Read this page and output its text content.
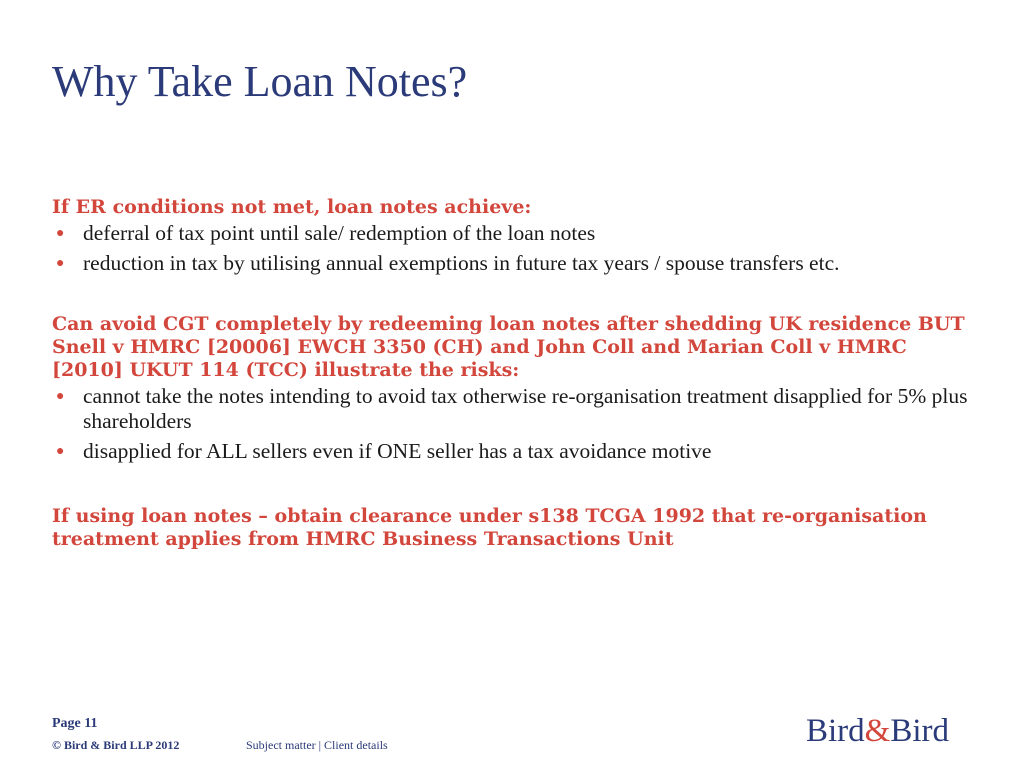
Why Take Loan Notes?

If ER conditions not met, loan notes achieve:

● deferral of tax point until sale/ redemption of the loan notes
● reduction in tax by utilising annual exemptions in future tax years / spouse transfers etc.

Can avoid CGT completely by redeeming loan notes after shedding UK residence BUT Snell v HMRC [20006] EWCH 3350 (CH) and John Coll and Marian Coll v HMRC [2010] UKUT 114 (TCC) illustrate the risks:

● cannot take the notes intending to avoid tax otherwise re-organisation treatment disapplied for 5% plus shareholders
● disapplied for ALL sellers even if ONE seller has a tax avoidance motive

If using loan notes – obtain clearance under s138 TCGA 1992 that re-organisation treatment applies from HMRC Business Transactions Unit

Page 11
© Bird & Bird LLP 2012	Subject matter | Client details	Bird&Bird
